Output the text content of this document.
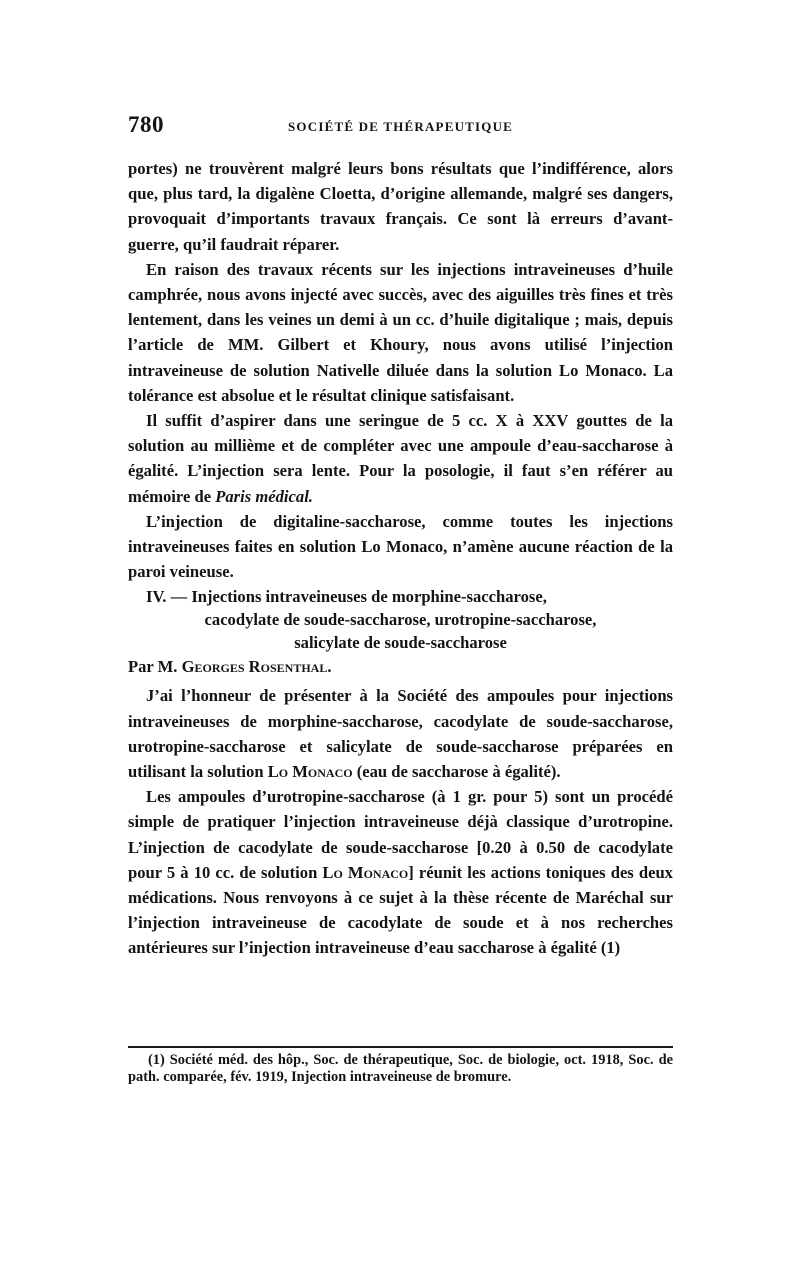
780	SOCIÉTÉ DE THÉRAPEUTIQUE

portes) ne trouvèrent malgré leurs bons résultats que l’indifférence, alors que, plus tard, la digalène Cloetta, d’origine allemande, malgré ses dangers, provoquait d’importants travaux français. Ce sont là erreurs d’avant-guerre, qu’il faudrait réparer.

En raison des travaux récents sur les injections intraveineuses d’huile camphrée, nous avons injecté avec succès, avec des aiguilles très fines et très lentement, dans les veines un demi à un cc. d’huile digitalique ; mais, depuis l’article de MM. Gilbert et Khoury, nous avons utilisé l’injection intraveineuse de solution Nativelle diluée dans la solution Lo Monaco. La tolérance est absolue et le résultat clinique satisfaisant.

Il suffit d’aspirer dans une seringue de 5 cc. X à XXV gouttes de la solution au millième et de compléter avec une ampoule d’eau-saccharose à égalité. L’injection sera lente. Pour la posologie, il faut s’en référer au mémoire de Paris médical.

L’injection de digitaline-saccharose, comme toutes les injections intraveineuses faites en solution Lo Monaco, n’amène aucune réaction de la paroi veineuse.

IV. — Injections intraveineuses de morphine-saccharose,

cacodylate de soude-saccharose, urotropine-saccharose,

salicylate de soude-saccharose

Par M. Georges Rosenthal.

J’ai l’honneur de présenter à la Société des ampoules pour injections intraveineuses de morphine-saccharose, cacodylate de soude-saccharose, urotropine-saccharose et salicylate de soude-saccharose préparées en utilisant la solution Lo Monaco (eau de saccharose à égalité).

Les ampoules d’urotropine-saccharose (à 1 gr. pour 5) sont un procédé simple de pratiquer l’injection intraveineuse déjà classique d’urotropine. L’injection de cacodylate de soude-saccharose [0.20 à 0.50 de cacodylate pour 5 à 10 cc. de solution Lo Monaco] réunit les actions toniques des deux médications. Nous renvoyons à ce sujet à la thèse récente de Maréchal sur l’injection intraveineuse de cacodylate de soude et à nos recherches antérieures sur l’injection intraveineuse d’eau saccharose à égalité (1)

(1) Société méd. des hôp., Soc. de thérapeutique, Soc. de biologie, oct. 1918, Soc. de path. comparée, fév. 1919, Injection intraveineuse de bromure.
